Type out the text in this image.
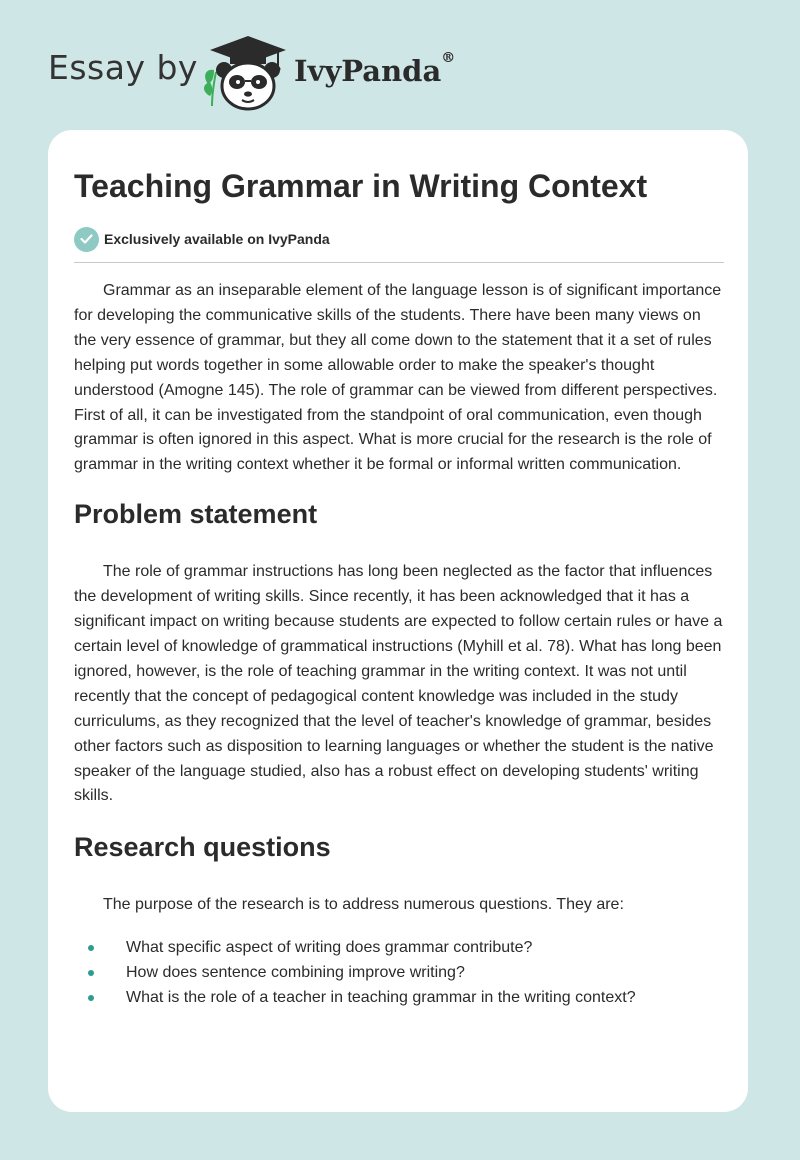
Essay by	IvyPanda®
Teaching Grammar in Writing Context
Exclusively available on IvyPanda

Grammar as an inseparable element of the language lesson is of significant importance for developing the communicative skills of the students. There have been many views on the very essence of grammar, but they all come down to the statement that it a set of rules helping put words together in some allowable order to make the speaker's thought understood (Amogne 145). The role of grammar can be viewed from different perspectives. First of all, it can be investigated from the standpoint of oral communication, even though grammar is often ignored in this aspect. What is more crucial for the research is the role of grammar in the writing context whether it be formal or informal written communication.

Problem statement

The role of grammar instructions has long been neglected as the factor that influences the development of writing skills. Since recently, it has been acknowledged that it has a significant impact on writing because students are expected to follow certain rules or have a certain level of knowledge of grammatical instructions (Myhill et al. 78). What has long been ignored, however, is the role of teaching grammar in the writing context. It was not until recently that the concept of pedagogical content knowledge was included in the study curriculums, as they recognized that the level of teacher's knowledge of grammar, besides other factors such as disposition to learning languages or whether the student is the native speaker of the language studied, also has a robust effect on developing students' writing skills.

Research questions

The purpose of the research is to address numerous questions. They are:

What specific aspect of writing does grammar contribute?
How does sentence combining improve writing?
What is the role of a teacher in teaching grammar in the writing context?
